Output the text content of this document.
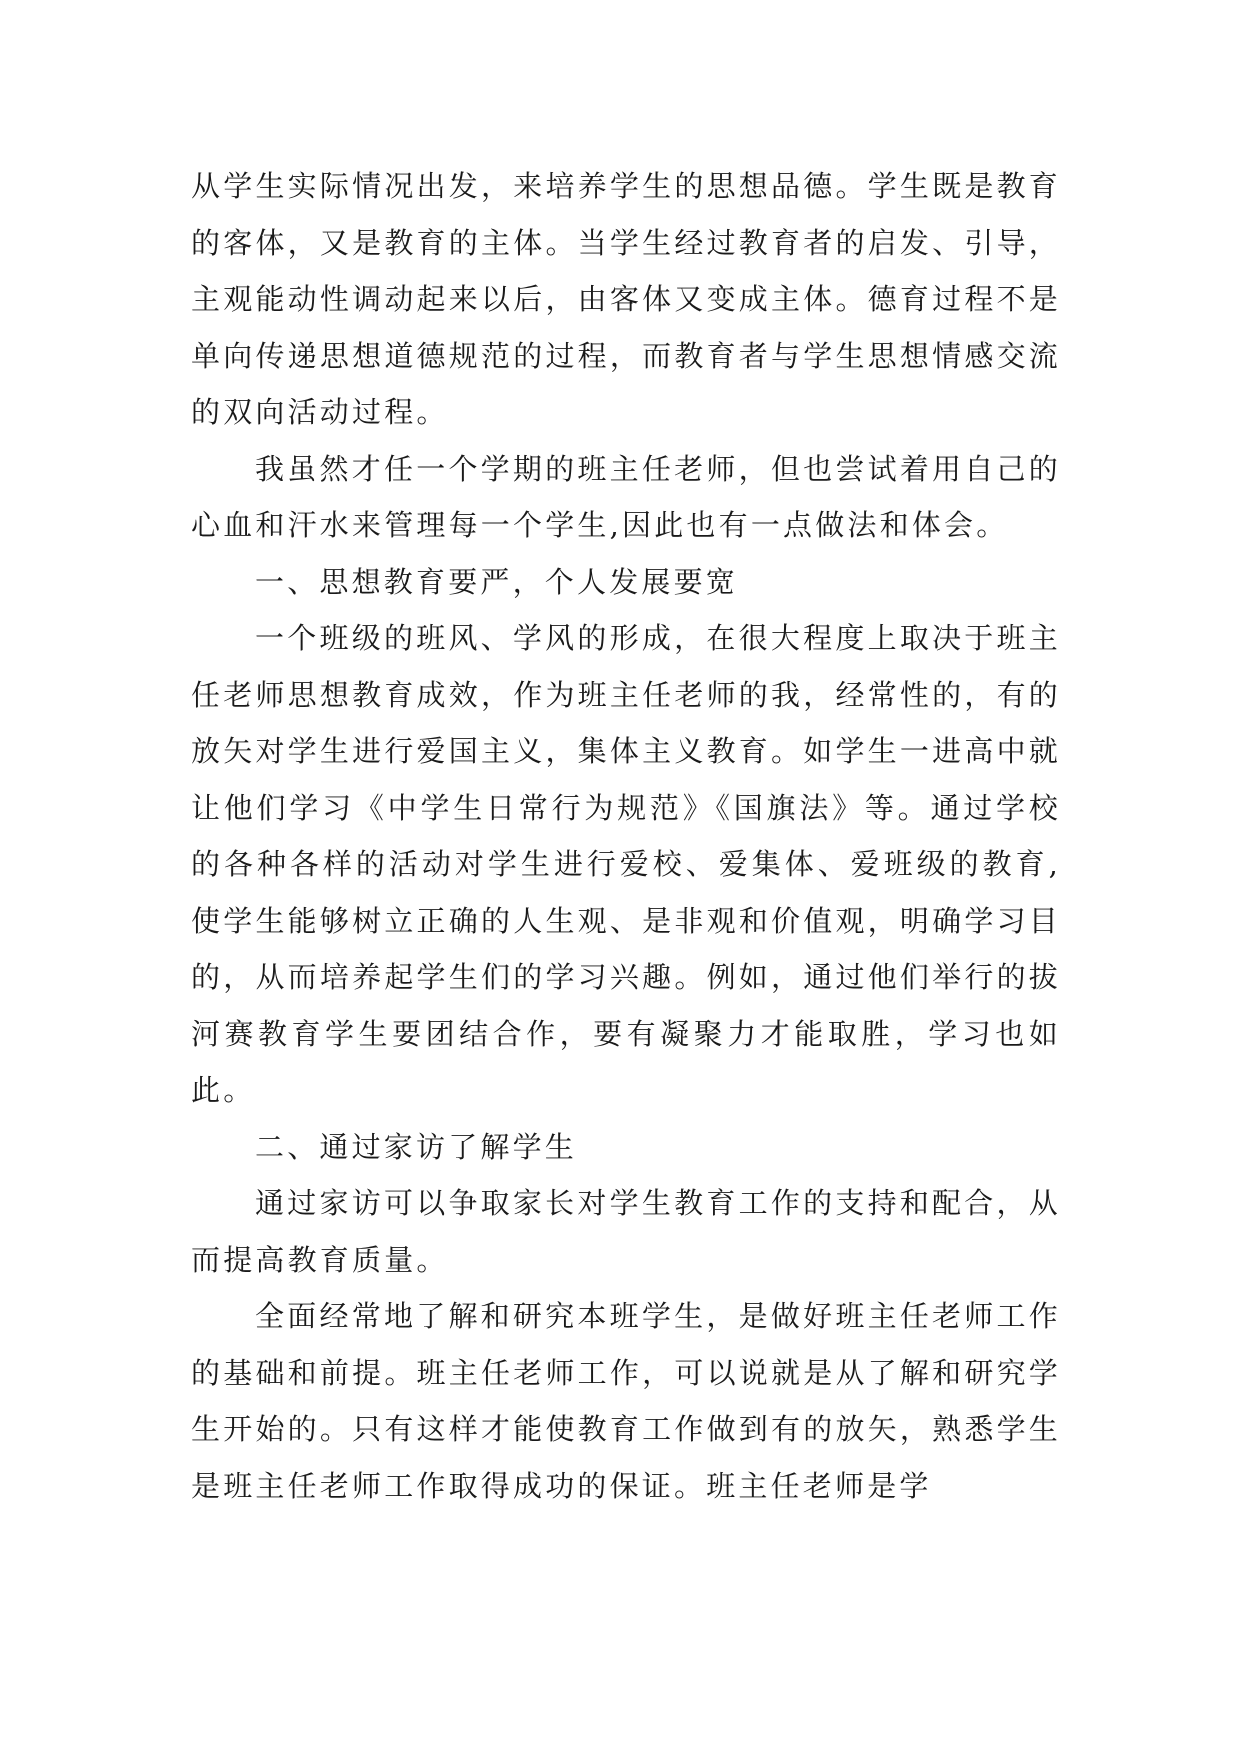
从学生实际情况出发，来培养学生的思想品德。学生既是教育的客体，又是教育的主体。当学生经过教育者的启发、引导，主观能动性调动起来以后，由客体又变成主体。德育过程不是单向传递思想道德规范的过程，而教育者与学生思想情感交流的双向活动过程。

我虽然才任一个学期的班主任老师，但也尝试着用自己的心血和汗水来管理每一个学生,因此也有一点做法和体会。

一、思想教育要严，个人发展要宽

一个班级的班风、学风的形成，在很大程度上取决于班主任老师思想教育成效，作为班主任老师的我，经常性的，有的放矢对学生进行爱国主义，集体主义教育。如学生一进高中就让他们学习《中学生日常行为规范》《国旗法》等。通过学校的各种各样的活动对学生进行爱校、爱集体、爱班级的教育,使学生能够树立正确的人生观、是非观和价值观，明确学习目的，从而培养起学生们的学习兴趣。例如，通过他们举行的拔河赛教育学生要团结合作，要有凝聚力才能取胜，学习也如此。

二、通过家访了解学生

通过家访可以争取家长对学生教育工作的支持和配合，从而提高教育质量。

全面经常地了解和研究本班学生，是做好班主任老师工作的基础和前提。班主任老师工作，可以说就是从了解和研究学生开始的。只有这样才能使教育工作做到有的放矢，熟悉学生是班主任老师工作取得成功的保证。班主任老师是学
